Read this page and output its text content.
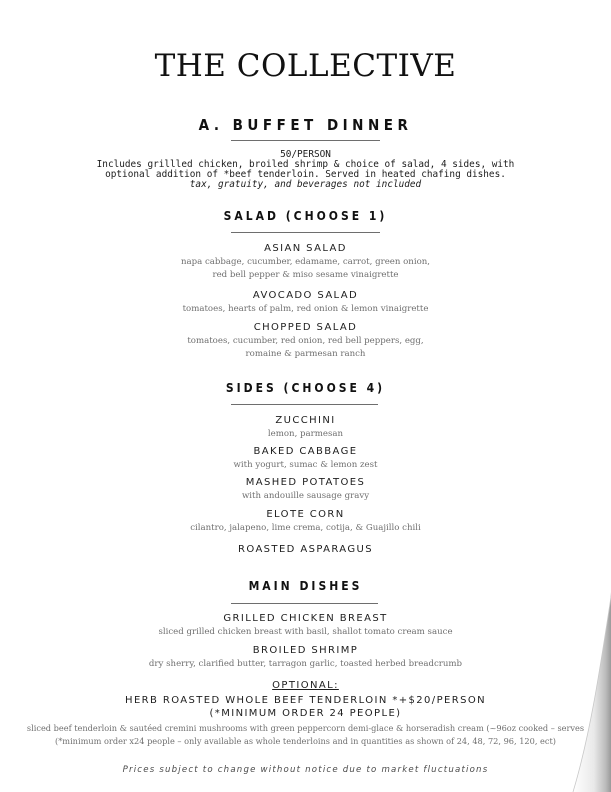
THE COLLECTIVE
A. BUFFET DINNER
50/PERSON
Includes grillled chicken, broiled shrimp & choice of salad, 4 sides, with
optional addition of *beef tenderloin. Served in heated chafing dishes.
tax, gratuity, and beverages not included
SALAD (CHOOSE 1)
ASIAN SALAD
napa cabbage, cucumber, edamame, carrot, green onion,
red bell pepper & miso sesame vinaigrette
AVOCADO SALAD
tomatoes, hearts of palm, red onion & lemon vinaigrette
CHOPPED SALAD
tomatoes, cucumber, red onion, red bell peppers, egg,
romaine & parmesan ranch
SIDES (CHOOSE 4)
ZUCCHINI
lemon, parmesan
BAKED CABBAGE
with yogurt, sumac & lemon zest
MASHED POTATOES
with andouille sausage gravy
ELOTE CORN
cilantro, jalapeno, lime crema, cotija, & Guajillo chili
ROASTED ASPARAGUS
MAIN DISHES
GRILLED CHICKEN BREAST
sliced grilled chicken breast with basil, shallot tomato cream sauce
BROILED SHRIMP
dry sherry, clarified butter, tarragon garlic, toasted herbed breadcrumb
OPTIONAL:
HERB ROASTED WHOLE BEEF TENDERLOIN *+$20/PERSON
(*MINIMUM ORDER 24 PEOPLE)
sliced beef tenderloin & sautéed cremini mushrooms with green peppercorn demi-glace & horseradish cream (~96oz cooked – serves
(*minimum order x24 people – only available as whole tenderloins and in quantities as shown of 24, 48, 72, 96, 120, ect)
Prices subject to change without notice due to market fluctuations
